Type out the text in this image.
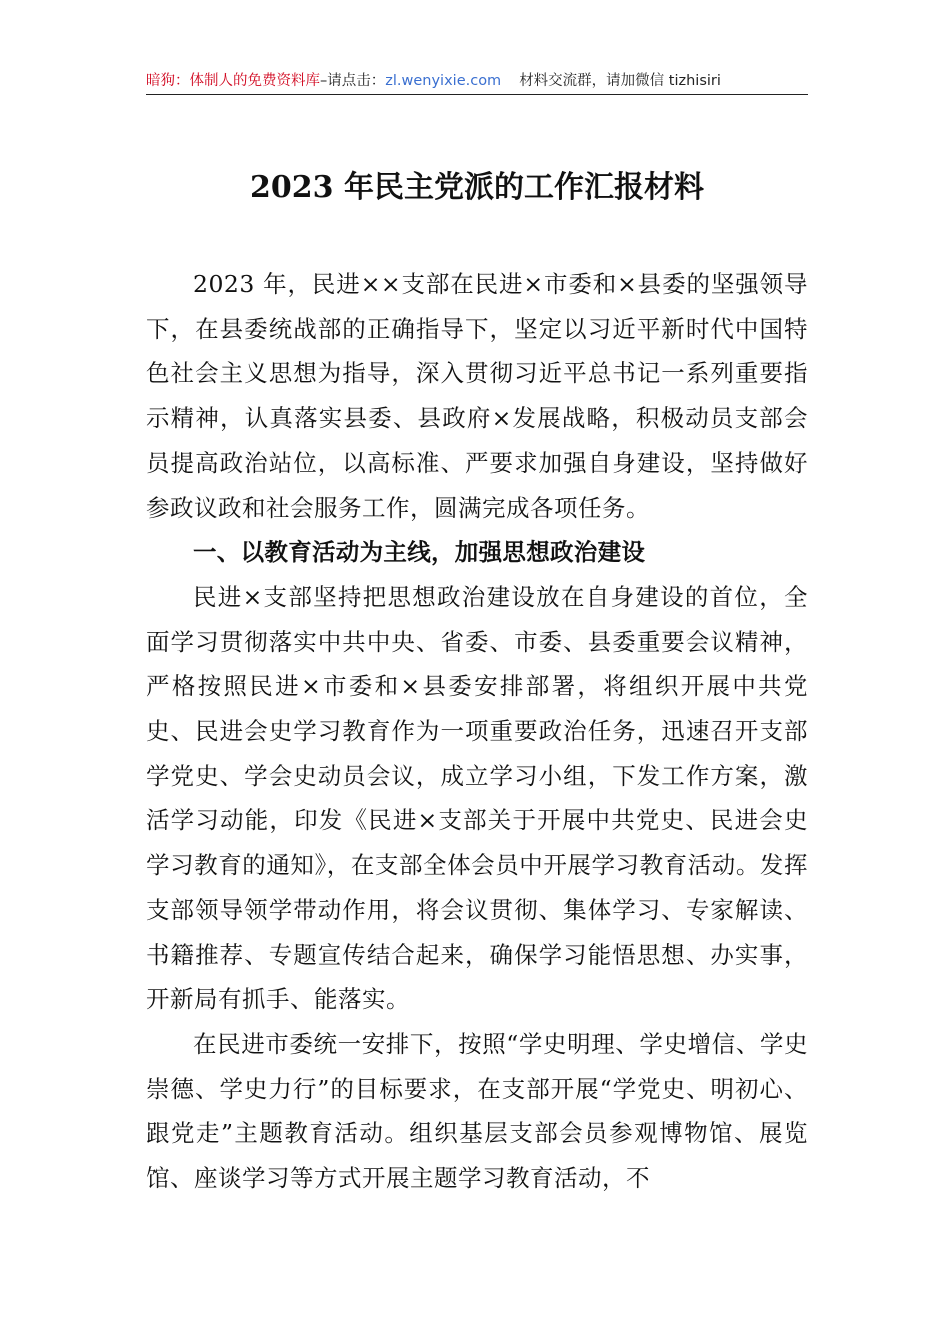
暗狗：体制人的免费资料库–请点击：zl.wenyixie.com 材料交流群，请加微信 tizhisiri
2023 年民主党派的工作汇报材料

2023 年，民进××支部在民进×市委和×县委的坚强领导下，在县委统战部的正确指导下，坚定以习近平新时代中国特色社会主义思想为指导，深入贯彻习近平总书记一系列重要指示精神，认真落实县委、县政府×发展战略，积极动员支部会员提高政治站位，以高标准、严要求加强自身建设，坚持做好参政议政和社会服务工作，圆满完成各项任务。

一、以教育活动为主线，加强思想政治建设

民进×支部坚持把思想政治建设放在自身建设的首位，全面学习贯彻落实中共中央、省委、市委、县委重要会议精神，严格按照民进×市委和×县委安排部署，将组织开展中共党史、民进会史学习教育作为一项重要政治任务，迅速召开支部学党史、学会史动员会议，成立学习小组，下发工作方案，激活学习动能，印发《民进×支部关于开展中共党史、民进会史学习教育的通知》，在支部全体会员中开展学习教育活动。发挥支部领导领学带动作用，将会议贯彻、集体学习、专家解读、书籍推荐、专题宣传结合起来，确保学习能悟思想、办实事，开新局有抓手、能落实。

在民进市委统一安排下，按照“学史明理、学史增信、学史崇德、学史力行”的目标要求，在支部开展“学党史、明初心、跟党走”主题教育活动。组织基层支部会员参观博物馆、展览馆、座谈学习等方式开展主题学习教育活动，不
